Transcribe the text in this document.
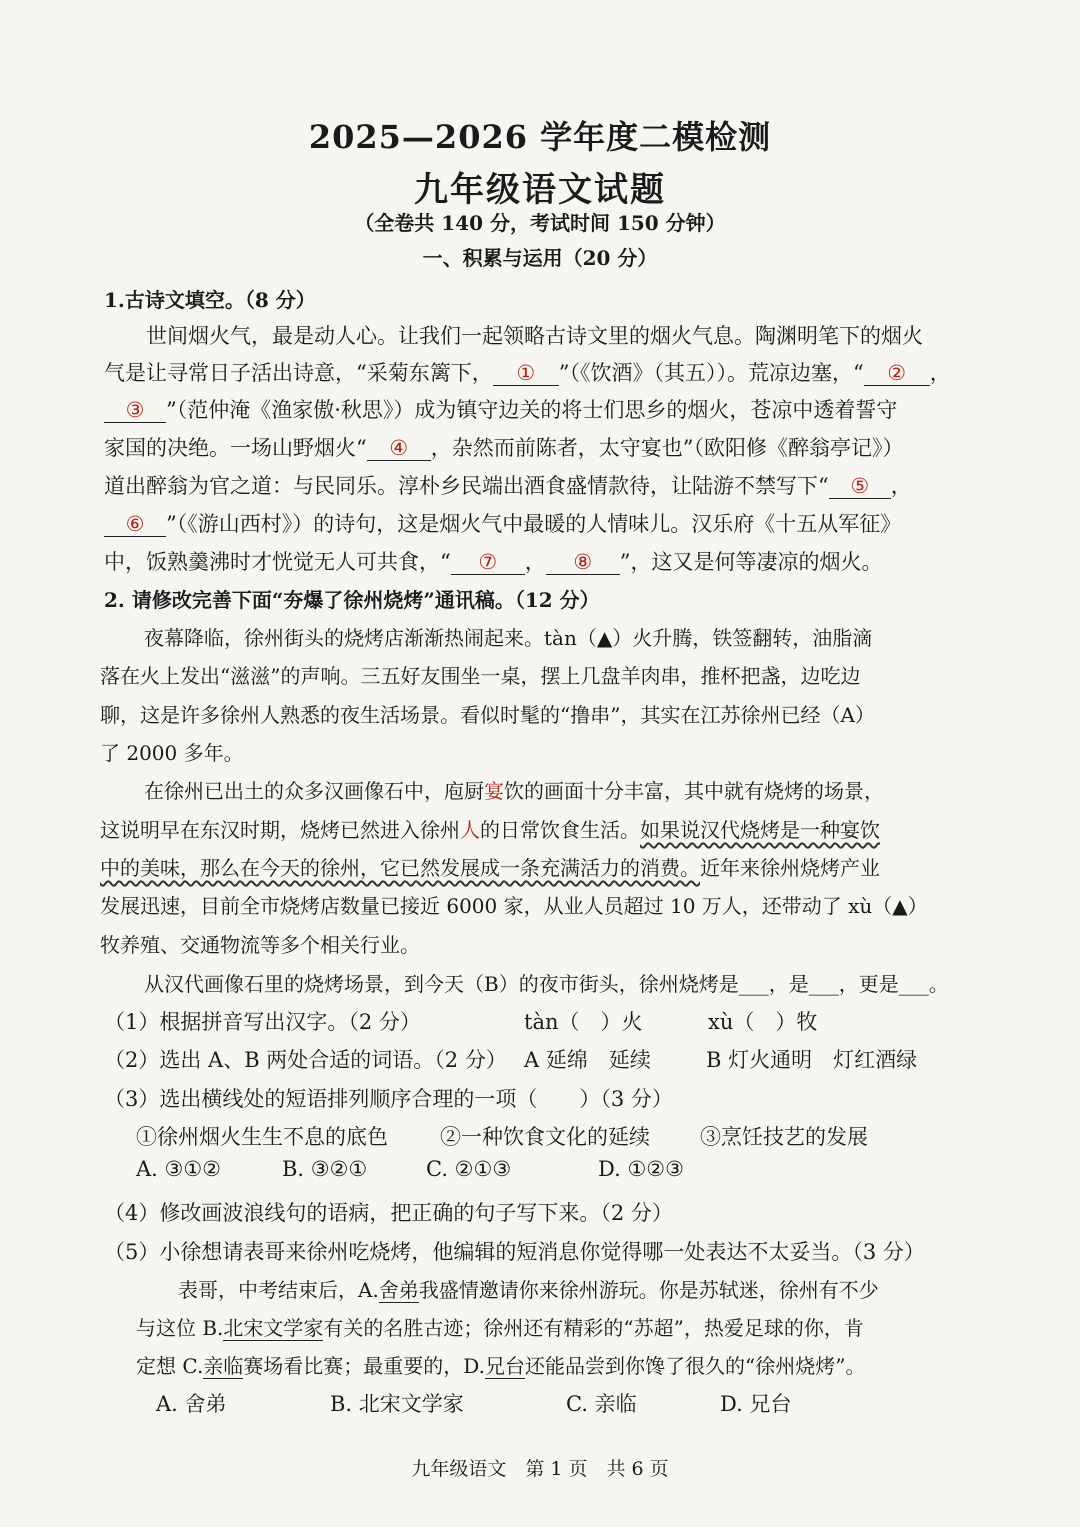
2025—2026 学年度二模检测
九年级语文试题
（全卷共 140 分，考试时间 150 分钟）
一、积累与运用（20 分）
1.古诗文填空。（8 分）
世间烟火气，最是动人心。让我们一起领略古诗文里的烟火气息。陶渊明笔下的烟火
气是让寻常日子活出诗意，“采菊东篱下， ① ”（《饮酒》（其五））。荒凉边塞，“ ② ，
③ ”（范仲淹《渔家傲·秋思》）成为镇守边关的将士们思乡的烟火，苍凉中透着誓守
家国的决绝。一场山野烟火“ ④ ，杂然而前陈者，太守宴也”（欧阳修《醉翁亭记》）
道出醉翁为官之道：与民同乐。淳朴乡民端出酒食盛情款待，让陆游不禁写下“ ⑤ ，
⑥ ”（《游山西村》）的诗句，这是烟火气中最暖的人情味儿。汉乐府《十五从军征》
中，饭熟羹沸时才恍觉无人可共食，“ ⑦ ， ⑧ ”，这又是何等凄凉的烟火。
2. 请修改完善下面“夯爆了徐州烧烤”通讯稿。（12 分）
夜幕降临，徐州街头的烧烤店渐渐热闹起来。tàn（▲）火升腾，铁签翻转，油脂滴
落在火上发出“滋滋”的声响。三五好友围坐一桌，摆上几盘羊肉串，推杯把盏，边吃边
聊，这是许多徐州人熟悉的夜生活场景。看似时髦的“撸串”，其实在江苏徐州已经（A）
了 2000 多年。
在徐州已出土的众多汉画像石中，庖厨宴饮的画面十分丰富，其中就有烧烤的场景，
这说明早在东汉时期，烧烤已然进入徐州人的日常饮食生活。如果说汉代烧烤是一种宴饮
中的美味，那么在今天的徐州，它已然发展成一条充满活力的消费。近年来徐州烧烤产业
发展迅速，目前全市烧烤店数量已接近 6000 家，从业人员超过 10 万人，还带动了 xù（▲）
牧养殖、交通物流等多个相关行业。
从汉代画像石里的烧烤场景，到今天（B）的夜市街头，徐州烧烤是___，是___，更是___。
（1）根据拼音写出汉字。（2 分）	tàn（　）火	xù（　）牧
（2）选出 A、B 两处合适的词语。（2 分） A 延绵　延续	B 灯火通明　灯红酒绿
（3）选出横线处的短语排列顺序合理的一项（　　）（3 分）
①徐州烟火生生不息的底色 ②一种饮食文化的延续 ③烹饪技艺的发展
A. ③①②	B. ③②①	C. ②①③	D. ①②③
（4）修改画波浪线句的语病，把正确的句子写下来。（2 分）
（5）小徐想请表哥来徐州吃烧烤，他编辑的短消息你觉得哪一处表达不太妥当。（3 分）
表哥，中考结束后，A.舍弟我盛情邀请你来徐州游玩。你是苏轼迷，徐州有不少
与这位 B.北宋文学家有关的名胜古迹；徐州还有精彩的“苏超”，热爱足球的你，肯
定想 C.亲临赛场看比赛；最重要的，D.兄台还能品尝到你馋了很久的“徐州烧烤”。
A. 舍弟	B. 北宋文学家	C. 亲临	D. 兄台
九年级语文　第 1 页　共 6 页
